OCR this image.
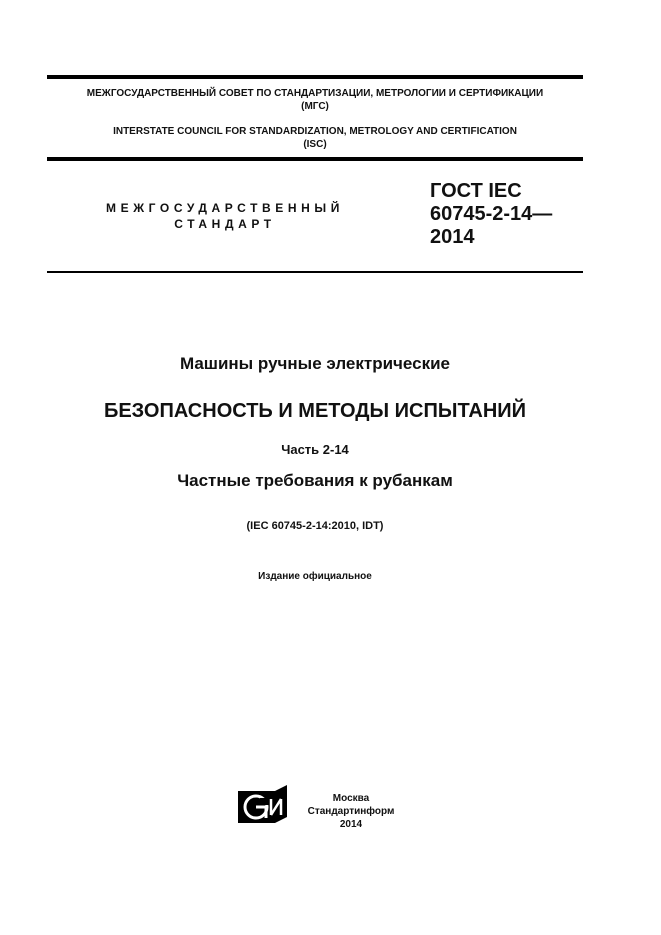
МЕЖГОСУДАРСТВЕННЫЙ СОВЕТ ПО СТАНДАРТИЗАЦИИ, МЕТРОЛОГИИ И СЕРТИФИКАЦИИ
(МГС)
INTERSTATE COUNCIL FOR STANDARDIZATION, METROLOGY AND CERTIFICATION
(ISC)
МЕЖГОСУДАРСТВЕННЫЙ
СТАНДАРТ
ГОСТ IEC
60745-2-14—
2014
Машины ручные электрические
БЕЗОПАСНОСТЬ И МЕТОДЫ ИСПЫТАНИЙ
Часть 2-14
Частные требования к рубанкам
(IEC 60745-2-14:2010, IDT)
Издание официальное
Москва
Стандартинформ
2014
